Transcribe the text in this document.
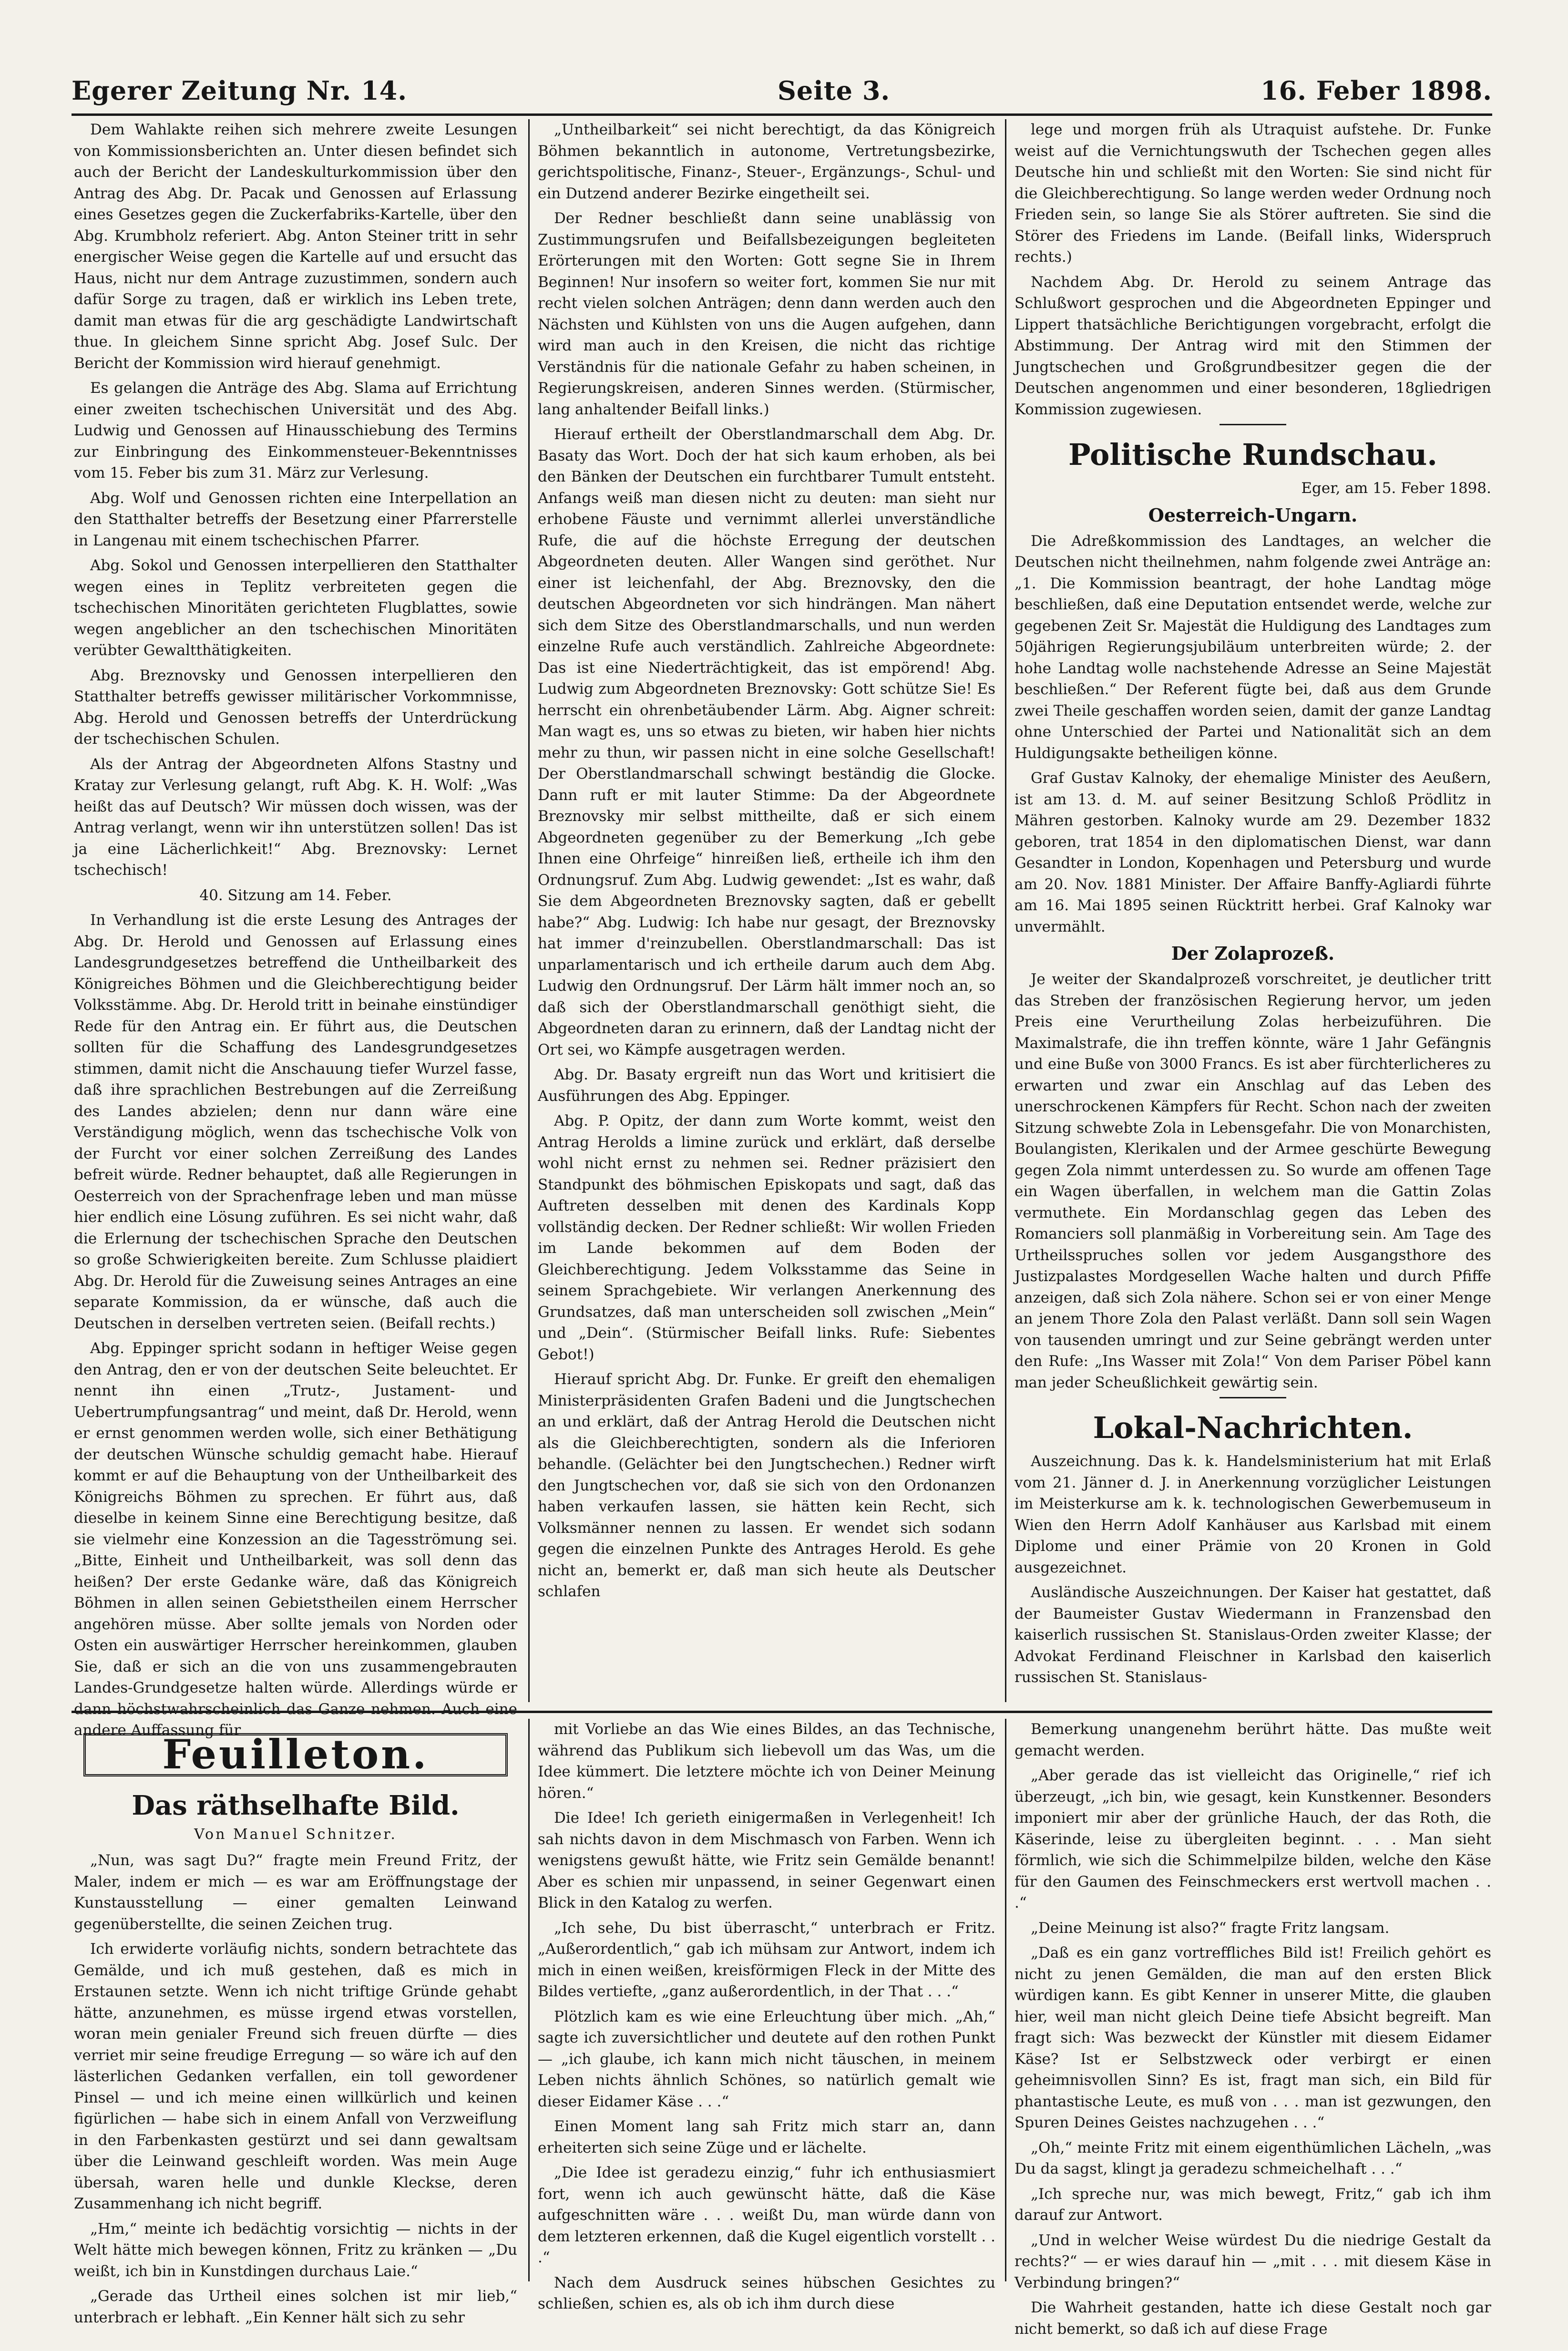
Egerer Zeitung Nr. 14.	Seite 3.	16. Feber 1898.

Dem Wahlakte reihen sich mehrere zweite Lesungen von Kommissionsberichten an. Unter diesen befindet sich auch der Bericht der Landeskulturkommission über den Antrag des Abg. Dr. Pacak und Genossen auf Erlassung eines Gesetzes gegen die Zuckerfabriks-Kartelle, über den Abg. Krumbholz referiert. Abg. Anton Steiner tritt in sehr energischer Weise gegen die Kartelle auf und ersucht das Haus, nicht nur dem Antrage zuzustimmen, sondern auch dafür Sorge zu tragen, daß er wirklich ins Leben trete, damit man etwas für die arg geschädigte Landwirtschaft thue. In gleichem Sinne spricht Abg. Josef Sulc. Der Bericht der Kommission wird hierauf genehmigt.

Es gelangen die Anträge des Abg. Slama auf Errichtung einer zweiten tschechischen Universität und des Abg. Ludwig und Genossen auf Hinausschiebung des Termins zur Einbringung des Einkommensteuer-Bekenntnisses vom 15. Feber bis zum 31. März zur Verlesung.

Abg. Wolf und Genossen richten eine Interpellation an den Statthalter betreffs der Besetzung einer Pfarrerstelle in Langenau mit einem tschechischen Pfarrer.

Abg. Sokol und Genossen interpellieren den Statthalter wegen eines in Teplitz verbreiteten gegen die tschechischen Minoritäten gerichteten Flugblattes, sowie wegen angeblicher an den tschechischen Minoritäten verübter Gewaltthätigkeiten.

Abg. Breznovsky und Genossen interpellieren den Statthalter betreffs gewisser militärischer Vorkommnisse, Abg. Herold und Genossen betreffs der Unterdrückung der tschechischen Schulen.

Als der Antrag der Abgeordneten Alfons Stastny und Kratay zur Verlesung gelangt, ruft Abg. K. H. Wolf: „Was heißt das auf Deutsch? Wir müssen doch wissen, was der Antrag verlangt, wenn wir ihn unterstützen sollen! Das ist ja eine Lächerlichkeit!“ Abg. Breznovsky: Lernet tschechisch!

40. Sitzung am 14. Feber.

In Verhandlung ist die erste Lesung des Antrages der Abg. Dr. Herold und Genossen auf Erlassung eines Landesgrundgesetzes betreffend die Untheilbarkeit des Königreiches Böhmen und die Gleichberechtigung beider Volksstämme. Abg. Dr. Herold tritt in beinahe einstündiger Rede für den Antrag ein. Er führt aus, die Deutschen sollten für die Schaffung des Landesgrundgesetzes stimmen, damit nicht die Anschauung tiefer Wurzel fasse, daß ihre sprachlichen Bestrebungen auf die Zerreißung des Landes abzielen; denn nur dann wäre eine Verständigung möglich, wenn das tschechische Volk von der Furcht vor einer solchen Zerreißung des Landes befreit würde. Redner behauptet, daß alle Regierungen in Oesterreich von der Sprachenfrage leben und man müsse hier endlich eine Lösung zuführen. Es sei nicht wahr, daß die Erlernung der tschechischen Sprache den Deutschen so große Schwierigkeiten bereite. Zum Schlusse plaidiert Abg. Dr. Herold für die Zuweisung seines Antrages an eine separate Kommission, da er wünsche, daß auch die Deutschen in derselben vertreten seien. (Beifall rechts.)

Abg. Eppinger spricht sodann in heftiger Weise gegen den Antrag, den er von der deutschen Seite beleuchtet. Er nennt ihn einen „Trutz-, Justament- und Uebertrumpfungsantrag“ und meint, daß Dr. Herold, wenn er ernst genommen werden wolle, sich einer Bethätigung der deutschen Wünsche schuldig gemacht habe. Hierauf kommt er auf die Behauptung von der Untheilbarkeit des Königreichs Böhmen zu sprechen. Er führt aus, daß dieselbe in keinem Sinne eine Berechtigung besitze, daß sie vielmehr eine Konzession an die Tagesströmung sei. „Bitte, Einheit und Untheilbarkeit, was soll denn das heißen? Der erste Gedanke wäre, daß das Königreich Böhmen in allen seinen Gebietstheilen einem Herrscher angehören müsse. Aber sollte jemals von Norden oder Osten ein auswärtiger Herrscher hereinkommen, glauben Sie, daß er sich an die von uns zusammengebrauten Landes-Grundgesetze halten würde. Allerdings würde er dann höchstwahrscheinlich das Ganze nehmen. Auch eine andere Auffassung für

„Untheilbarkeit“ sei nicht berechtigt, da das Königreich Böhmen bekanntlich in autonome, Vertretungsbezirke, gerichtspolitische, Finanz-, Steuer-, Ergänzungs-, Schul- und ein Dutzend anderer Bezirke eingetheilt sei.

Der Redner beschließt dann seine unablässig von Zustimmungsrufen und Beifallsbezeigungen begleiteten Erörterungen mit den Worten: Gott segne Sie in Ihrem Beginnen! Nur insofern so weiter fort, kommen Sie nur mit recht vielen solchen Anträgen; denn dann werden auch den Nächsten und Kühlsten von uns die Augen aufgehen, dann wird man auch in den Kreisen, die nicht das richtige Verständnis für die nationale Gefahr zu haben scheinen, in Regierungskreisen, anderen Sinnes werden. (Stürmischer, lang anhaltender Beifall links.)

Hierauf ertheilt der Oberstlandmarschall dem Abg. Dr. Basaty das Wort. Doch der hat sich kaum erhoben, als bei den Bänken der Deutschen ein furchtbarer Tumult entsteht. Anfangs weiß man diesen nicht zu deuten: man sieht nur erhobene Fäuste und vernimmt allerlei unverständliche Rufe, die auf die höchste Erregung der deutschen Abgeordneten deuten. Aller Wangen sind geröthet. Nur einer ist leichenfahl, der Abg. Breznovsky, den die deutschen Abgeordneten vor sich hindrängen. Man nähert sich dem Sitze des Oberstlandmarschalls, und nun werden einzelne Rufe auch verständlich. Zahlreiche Abgeordnete: Das ist eine Niederträchtigkeit, das ist empörend! Abg. Ludwig zum Abgeordneten Breznovsky: Gott schütze Sie! Es herrscht ein ohrenbetäubender Lärm. Abg. Aigner schreit: Man wagt es, uns so etwas zu bieten, wir haben hier nichts mehr zu thun, wir passen nicht in eine solche Gesellschaft! Der Oberstlandmarschall schwingt beständig die Glocke. Dann ruft er mit lauter Stimme: Da der Abgeordnete Breznovsky mir selbst mittheilte, daß er sich einem Abgeordneten gegenüber zu der Bemerkung „Ich gebe Ihnen eine Ohrfeige“ hinreißen ließ, ertheile ich ihm den Ordnungsruf. Zum Abg. Ludwig gewendet: „Ist es wahr, daß Sie dem Abgeordneten Breznovsky sagten, daß er gebellt habe?“ Abg. Ludwig: Ich habe nur gesagt, der Breznovsky hat immer d'reinzubellen. Oberstlandmarschall: Das ist unparlamentarisch und ich ertheile darum auch dem Abg. Ludwig den Ordnungsruf. Der Lärm hält immer noch an, so daß sich der Oberstlandmarschall genöthigt sieht, die Abgeordneten daran zu erinnern, daß der Landtag nicht der Ort sei, wo Kämpfe ausgetragen werden.

Abg. Dr. Basaty ergreift nun das Wort und kritisiert die Ausführungen des Abg. Eppinger.

Abg. P. Opitz, der dann zum Worte kommt, weist den Antrag Herolds a limine zurück und erklärt, daß derselbe wohl nicht ernst zu nehmen sei. Redner präzisiert den Standpunkt des böhmischen Episkopats und sagt, daß das Auftreten desselben mit denen des Kardinals Kopp vollständig decken. Der Redner schließt: Wir wollen Frieden im Lande bekommen auf dem Boden der Gleichberechtigung. Jedem Volksstamme das Seine in seinem Sprachgebiete. Wir verlangen Anerkennung des Grundsatzes, daß man unterscheiden soll zwischen „Mein“ und „Dein“. (Stürmischer Beifall links. Rufe: Siebentes Gebot!)

Hierauf spricht Abg. Dr. Funke. Er greift den ehemaligen Ministerpräsidenten Grafen Badeni und die Jungtschechen an und erklärt, daß der Antrag Herold die Deutschen nicht als die Gleichberechtigten, sondern als die Inferioren behandle. (Gelächter bei den Jungtschechen.) Redner wirft den Jungtschechen vor, daß sie sich von den Ordonanzen haben verkaufen lassen, sie hätten kein Recht, sich Volksmänner nennen zu lassen. Er wendet sich sodann gegen die einzelnen Punkte des Antrages Herold. Es gehe nicht an, bemerkt er, daß man sich heute als Deutscher schlafen

lege und morgen früh als Utraquist aufstehe. Dr. Funke weist auf die Vernichtungswuth der Tschechen gegen alles Deutsche hin und schließt mit den Worten: Sie sind nicht für die Gleichberechtigung. So lange werden weder Ordnung noch Frieden sein, so lange Sie als Störer auftreten. Sie sind die Störer des Friedens im Lande. (Beifall links, Widerspruch rechts.)

Nachdem Abg. Dr. Herold zu seinem Antrage das Schlußwort gesprochen und die Abgeordneten Eppinger und Lippert thatsächliche Berichtigungen vorgebracht, erfolgt die Abstimmung. Der Antrag wird mit den Stimmen der Jungtschechen und Großgrundbesitzer gegen die der Deutschen angenommen und einer besonderen, 18gliedrigen Kommission zugewiesen.

Politische Rundschau.
Eger, am 15. Feber 1898.
Oesterreich-Ungarn.

Die Adreßkommission des Landtages, an welcher die Deutschen nicht theilnehmen, nahm folgende zwei Anträge an: „1. Die Kommission beantragt, der hohe Landtag möge beschließen, daß eine Deputation entsendet werde, welche zur gegebenen Zeit Sr. Majestät die Huldigung des Landtages zum 50jährigen Regierungsjubiläum unterbreiten würde; 2. der hohe Landtag wolle nachstehende Adresse an Seine Majestät beschließen.“ Der Referent fügte bei, daß aus dem Grunde zwei Theile geschaffen worden seien, damit der ganze Landtag ohne Unterschied der Partei und Nationalität sich an dem Huldigungsakte betheiligen könne.

Graf Gustav Kalnoky, der ehemalige Minister des Aeußern, ist am 13. d. M. auf seiner Besitzung Schloß Prödlitz in Mähren gestorben. Kalnoky wurde am 29. Dezember 1832 geboren, trat 1854 in den diplomatischen Dienst, war dann Gesandter in London, Kopenhagen und Petersburg und wurde am 20. Nov. 1881 Minister. Der Affaire Banffy-Agliardi führte am 16. Mai 1895 seinen Rücktritt herbei. Graf Kalnoky war unvermählt.

Der Zolaprozeß.

Je weiter der Skandalprozeß vorschreitet, je deutlicher tritt das Streben der französischen Regierung hervor, um jeden Preis eine Verurtheilung Zolas herbeizuführen. Die Maximalstrafe, die ihn treffen könnte, wäre 1 Jahr Gefängnis und eine Buße von 3000 Francs. Es ist aber fürchterlicheres zu erwarten und zwar ein Anschlag auf das Leben des unerschrockenen Kämpfers für Recht. Schon nach der zweiten Sitzung schwebte Zola in Lebensgefahr. Die von Monarchisten, Boulangisten, Klerikalen und der Armee geschürte Bewegung gegen Zola nimmt unterdessen zu. So wurde am offenen Tage ein Wagen überfallen, in welchem man die Gattin Zolas vermuthete. Ein Mordanschlag gegen das Leben des Romanciers soll planmäßig in Vorbereitung sein. Am Tage des Urtheilsspruches sollen vor jedem Ausgangsthore des Justizpalastes Mordgesellen Wache halten und durch Pfiffe anzeigen, daß sich Zola nähere. Schon sei er von einer Menge an jenem Thore Zola den Palast verläßt. Dann soll sein Wagen von tausenden umringt und zur Seine gebrängt werden unter den Rufe: „Ins Wasser mit Zola!“ Von dem Pariser Pöbel kann man jeder Scheußlichkeit gewärtig sein.

Lokal-Nachrichten.

Auszeichnung. Das k. k. Handelsministerium hat mit Erlaß vom 21. Jänner d. J. in Anerkennung vorzüglicher Leistungen im Meisterkurse am k. k. technologischen Gewerbemuseum in Wien den Herrn Adolf Kanhäuser aus Karlsbad mit einem Diplome und einer Prämie von 20 Kronen in Gold ausgezeichnet.

Ausländische Auszeichnungen. Der Kaiser hat gestattet, daß der Baumeister Gustav Wiedermann in Franzensbad den kaiserlich russischen St. Stanislaus-Orden zweiter Klasse; der Advokat Ferdinand Fleischner in Karlsbad den kaiserlich russischen St. Stanislaus-

Feuilleton.
Das räthselhafte Bild.
Von Manuel Schnitzer.

„Nun, was sagt Du?“ fragte mein Freund Fritz, der Maler, indem er mich — es war am Eröffnungstage der Kunstausstellung — einer gemalten Leinwand gegenüberstellte, die seinen Zeichen trug.

Ich erwiderte vorläufig nichts, sondern betrachtete das Gemälde, und ich muß gestehen, daß es mich in Erstaunen setzte. Wenn ich nicht triftige Gründe gehabt hätte, anzunehmen, es müsse irgend etwas vorstellen, woran mein genialer Freund sich freuen dürfte — dies verriet mir seine freudige Erregung — so wäre ich auf den lästerlichen Gedanken verfallen, ein toll gewordener Pinsel — und ich meine einen willkürlich und keinen figürlichen — habe sich in einem Anfall von Verzweiflung in den Farbenkasten gestürzt und sei dann gewaltsam über die Leinwand geschleift worden. Was mein Auge übersah, waren helle und dunkle Kleckse, deren Zusammenhang ich nicht begriff.

„Hm,“ meinte ich bedächtig vorsichtig — nichts in der Welt hätte mich bewegen können, Fritz zu kränken — „Du weißt, ich bin in Kunstdingen durchaus Laie.“

„Gerade das Urtheil eines solchen ist mir lieb,“ unterbrach er lebhaft. „Ein Kenner hält sich zu sehr

mit Vorliebe an das Wie eines Bildes, an das Technische, während das Publikum sich liebevoll um das Was, um die Idee kümmert. Die letztere möchte ich von Deiner Meinung hören.“

Die Idee! Ich gerieth einigermaßen in Verlegenheit! Ich sah nichts davon in dem Mischmasch von Farben. Wenn ich wenigstens gewußt hätte, wie Fritz sein Gemälde benannt! Aber es schien mir unpassend, in seiner Gegenwart einen Blick in den Katalog zu werfen.

„Ich sehe, Du bist überrascht,“ unterbrach er Fritz. „Außerordentlich,“ gab ich mühsam zur Antwort, indem ich mich in einen weißen, kreisförmigen Fleck in der Mitte des Bildes vertiefte, „ganz außerordentlich, in der That . . .“

Plötzlich kam es wie eine Erleuchtung über mich. „Ah,“ sagte ich zuversichtlicher und deutete auf den rothen Punkt — „ich glaube, ich kann mich nicht täuschen, in meinem Leben nichts ähnlich Schönes, so natürlich gemalt wie dieser Eidamer Käse . . .“

Einen Moment lang sah Fritz mich starr an, dann erheiterten sich seine Züge und er lächelte.

„Die Idee ist geradezu einzig,“ fuhr ich enthusiasmiert fort, wenn ich auch gewünscht hätte, daß die Käse aufgeschnitten wäre . . . weißt Du, man würde dann von dem letzteren erkennen, daß die Kugel eigentlich vorstellt . . .“

Nach dem Ausdruck seines hübschen Gesichtes zu schließen, schien es, als ob ich ihm durch diese

Bemerkung unangenehm berührt hätte. Das mußte weit gemacht werden.

„Aber gerade das ist vielleicht das Originelle,“ rief ich überzeugt, „ich bin, wie gesagt, kein Kunstkenner. Besonders imponiert mir aber der grünliche Hauch, der das Roth, die Käserinde, leise zu übergleiten beginnt. . . . Man sieht förmlich, wie sich die Schimmelpilze bilden, welche den Käse für den Gaumen des Feinschmeckers erst wertvoll machen . . .“

„Deine Meinung ist also?“ fragte Fritz langsam.

„Daß es ein ganz vortreffliches Bild ist! Freilich gehört es nicht zu jenen Gemälden, die man auf den ersten Blick würdigen kann. Es gibt Kenner in unserer Mitte, die glauben hier, weil man nicht gleich Deine tiefe Absicht begreift. Man fragt sich: Was bezweckt der Künstler mit diesem Eidamer Käse? Ist er Selbstzweck oder verbirgt er einen geheimnisvollen Sinn? Es ist, fragt man sich, ein Bild für phantastische Leute, es muß von . . . man ist gezwungen, den Spuren Deines Geistes nachzugehen . . .“

„Oh,“ meinte Fritz mit einem eigenthümlichen Lächeln, „was Du da sagst, klingt ja geradezu schmeichelhaft . . .“

„Ich spreche nur, was mich bewegt, Fritz,“ gab ich ihm darauf zur Antwort.

„Und in welcher Weise würdest Du die niedrige Gestalt da rechts?“ — er wies darauf hin — „mit . . . mit diesem Käse in Verbindung bringen?“

Die Wahrheit gestanden, hatte ich diese Gestalt noch gar nicht bemerkt, so daß ich auf diese Frage
